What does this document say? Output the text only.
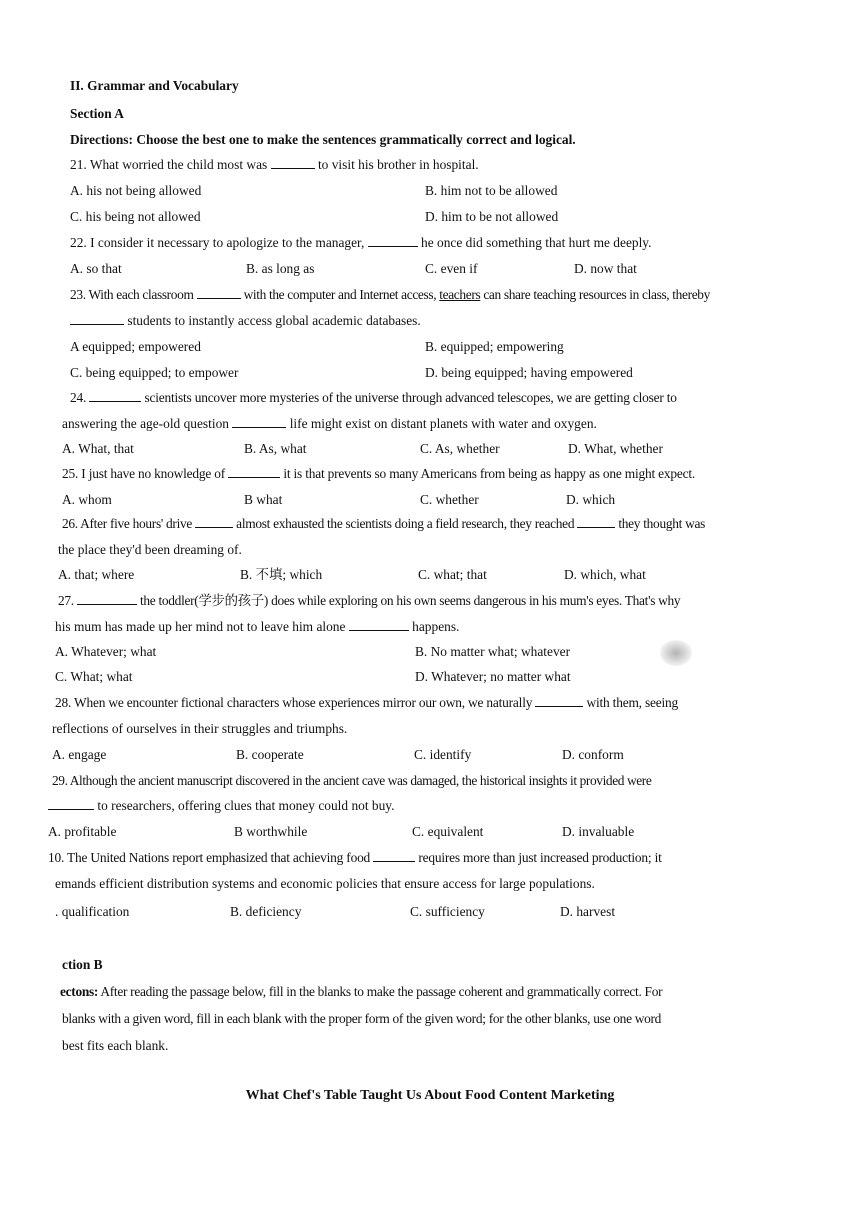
II. Grammar and Vocabulary
Section A
Directions: Choose the best one to make the sentences grammatically correct and logical.
21. What worried the child most was	to visit his brother in hospital.
A. his not being allowed	B. him not to be allowed
C. his being not allowed	D. him to be not allowed
22. I consider it necessary to apologize to the manager,	he once did something that hurt me deeply.
A. so that	B. as long as	C. even if	D. now that
23. With each classroom	with the computer and Internet access, teachers can share teaching resources in class, thereby
students to instantly access global academic databases.
A equipped; empowered	B. equipped; empowering
C. being equipped; to empower	D. being equipped; having empowered
24.	scientists uncover more mysteries of the universe through advanced telescopes, we are getting closer to
answering the age-old question	life might exist on distant planets with water and oxygen.
A. What, that	B. As, what	C. As, whether	D. What, whether
25. I just have no knowledge of	it is that prevents so many Americans from being as happy as one might expect.
A. whom	B what	C. whether	D. which
26. After five hours' drive	almost exhausted the scientists doing a field research, they reached	they thought was
the place they'd been dreaming of.
A. that; where	B. 不填; which	C. what; that	D. which, what
27.	the toddler(学步的孩子) does while exploring on his own seems dangerous in his mum's eyes. That's why
his mum has made up her mind not to leave him alone	happens.
A. Whatever; what	B. No matter what; whatever
C. What; what	D. Whatever; no matter what
28. When we encounter fictional characters whose experiences mirror our own, we naturally	with them, seeing
reflections of ourselves in their struggles and triumphs.
A. engage	B. cooperate	C. identify	D. conform
29. Although the ancient manuscript discovered in the ancient cave was damaged, the historical insights it provided were
to researchers, offering clues that money could not buy.
A. profitable	B worthwhile	C. equivalent	D. invaluable
10. The United Nations report emphasized that achieving food	requires more than just increased production; it
emands efficient distribution systems and economic policies that ensure access for large populations.
. qualification	B. deficiency	C. sufficiency	D. harvest
ction B
ectons: After reading the passage below, fill in the blanks to make the passage coherent and grammatically correct. For
blanks with a given word, fill in each blank with the proper form of the given word; for the other blanks, use one word
best fits each blank.
What Chef's Table Taught Us About Food Content Marketing
